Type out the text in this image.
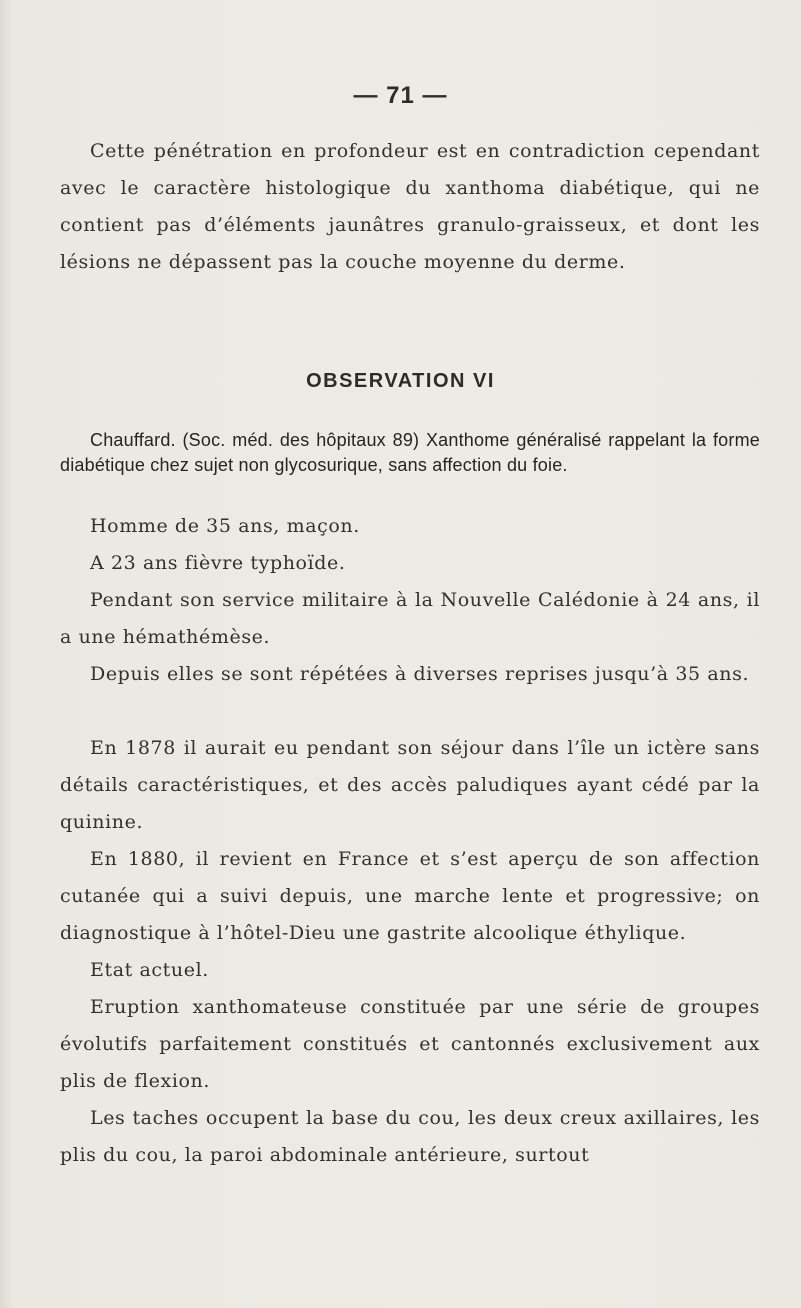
— 71 —

Cette pénétration en profondeur est en contradiction cependant avec le caractère histologique du xanthoma diabétique, qui ne contient pas d’éléments jaunâtres granulo-graisseux, et dont les lésions ne dépassent pas la couche moyenne du derme.

OBSERVATION VI

Chauffard. (Soc. méd. des hôpitaux 89) Xanthome généralisé rappelant la forme diabétique chez sujet non glycosurique, sans affection du foie.

Homme de 35 ans, maçon.

A 23 ans fièvre typhoïde.

Pendant son service militaire à la Nouvelle Calédonie à 24 ans, il a une hémathémèse.

Depuis elles se sont répétées à diverses reprises jusqu’à 35 ans.

En 1878 il aurait eu pendant son séjour dans l’île un ictère sans détails caractéristiques, et des accès paludiques ayant cédé par la quinine.

En 1880, il revient en France et s’est aperçu de son affection cutanée qui a suivi depuis, une marche lente et progressive; on diagnostique à l’hôtel-Dieu une gastrite alcoolique éthylique.

Etat actuel.

Eruption xanthomateuse constituée par une série de groupes évolutifs parfaitement constitués et cantonnés exclusivement aux plis de flexion.

Les taches occupent la base du cou, les deux creux axillaires, les plis du cou, la paroi abdominale antérieure, surtout
